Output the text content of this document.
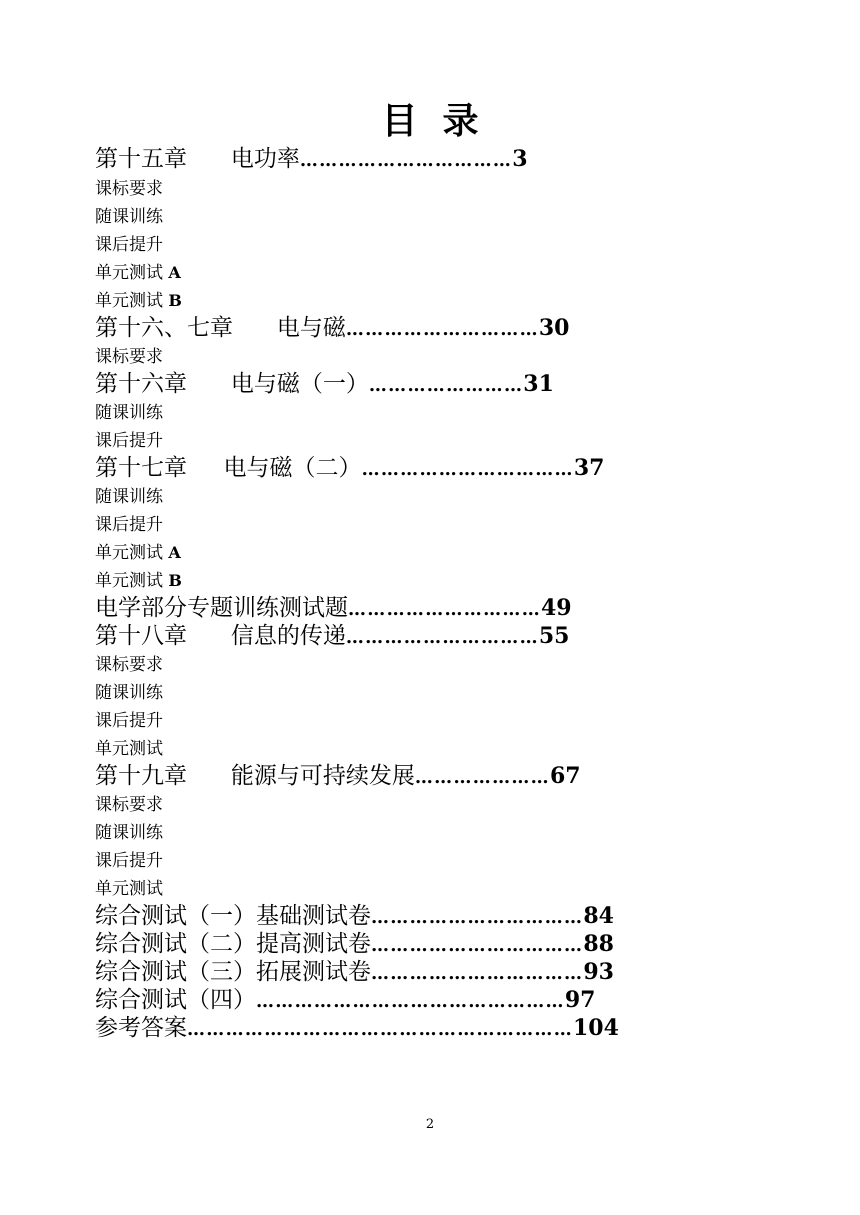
目  录
第十五章      电功率……………………………3
课标要求
随课训练
课后提升
单元测试 A
单元测试 B
第十六、七章      电与磁…………………………30
课标要求
第十六章      电与磁（一）……………………31
随课训练
课后提升
第十七章     电与磁（二）……………………………37
随课训练
课后提升
单元测试 A
单元测试 B
电学部分专题训练测试题…………………………49
第十八章      信息的传递…………………………55
课标要求
随课训练
课后提升
单元测试
第十九章      能源与可持续发展…………………67
课标要求
随课训练
课后提升
单元测试
综合测试（一）基础测试卷……………………………84
综合测试（二）提高测试卷……………………………88
综合测试（三）拓展测试卷……………………………93
综合测试（四）…………………………………………97
参考答案……………………………………………………104
2
